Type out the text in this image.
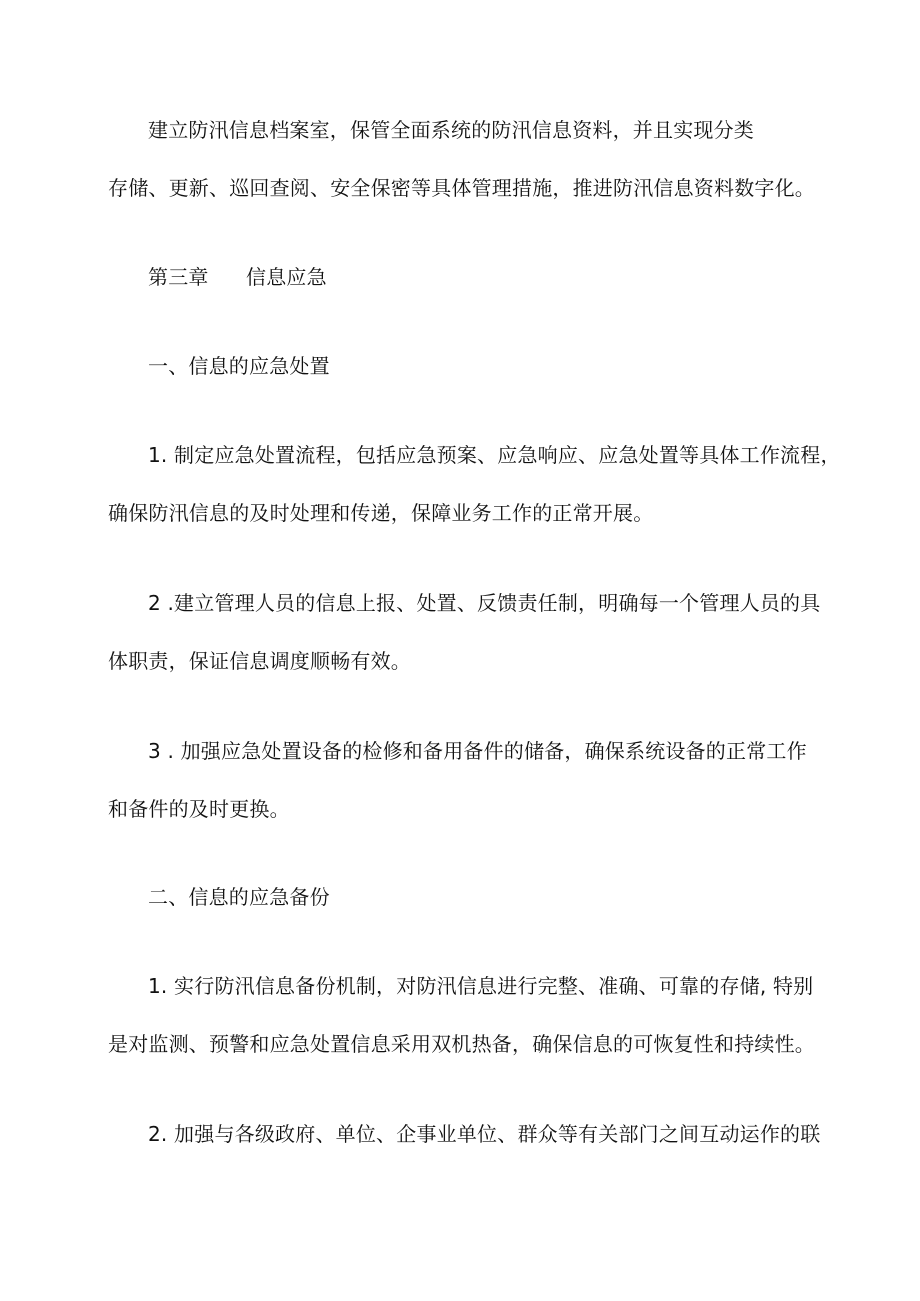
建立防汛信息档案室，保管全面系统的防汛信息资料，并且实现分类
存储、更新、巡回查阅、安全保密等具体管理措施，推进防汛信息资料数字化。
第三章 信息应急
一、信息的应急处置
1. 制定应急处置流程，包括应急预案、应急响应、应急处置等具体工作流程，
确保防汛信息的及时处理和传递，保障业务工作的正常开展。
2 .建立管理人员的信息上报、处置、反馈责任制，明确每一个管理人员的具
体职责，保证信息调度顺畅有效。
3 . 加强应急处置设备的检修和备用备件的储备，确保系统设备的正常工作
和备件的及时更换。
二、信息的应急备份
1. 实行防汛信息备份机制，对防汛信息进行完整、准确、可靠的存储, 特别
是对监测、预警和应急处置信息采用双机热备，确保信息的可恢复性和持续性。
2. 加强与各级政府、单位、企事业单位、群众等有关部门之间互动运作的联
